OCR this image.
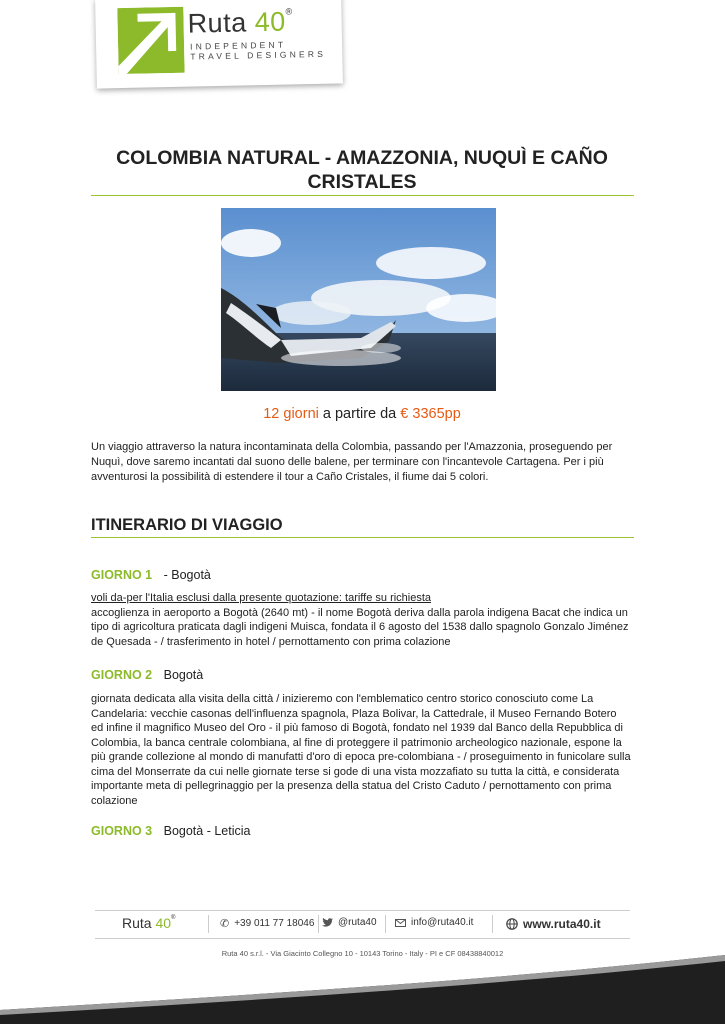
Ruta 40®
INDEPENDENT
TRAVEL DESIGNERS
COLOMBIA NATURAL - AMAZZONIA, NUQUÌ E CAÑO CRISTALES
12 giorni a partire da € 3365pp

Un viaggio attraverso la natura incontaminata della Colombia, passando per l'Amazzonia, proseguendo per Nuquì, dove saremo incantati dal suono delle balene, per terminare con l'incantevole Cartagena. Per i più avventurosi la possibilità di estendere il tour a Caño Cristales, il fiume dai 5 colori.

ITINERARIO DI VIAGGIO

GIORNO 1 - Bogotà

voli da-per l'Italia esclusi dalla presente quotazione: tariffe su richiesta
accoglienza in aeroporto a Bogotà (2640 mt) - il nome Bogotà deriva dalla parola indigena Bacat che indica un tipo di agricoltura praticata dagli indigeni Muisca, fondata il 6 agosto del 1538 dallo spagnolo Gonzalo Jiménez de Quesada - / trasferimento in hotel / pernottamento con prima colazione

GIORNO 2 Bogotà

giornata dedicata alla visita della città / inizieremo con l'emblematico centro storico conosciuto come La Candelaria: vecchie casonas dell'influenza spagnola, Plaza Bolivar, la Cattedrale, il Museo Fernando Botero ed infine il magnifico Museo del Oro - il più famoso di Bogotà, fondato nel 1939 dal Banco della Repubblica di Colombia, la banca centrale colombiana, al fine di proteggere il patrimonio archeologico nazionale, espone la più grande collezione al mondo di manufatti d'oro di epoca pre-colombiana - / proseguimento in funicolare sulla cima del Monserrate da cui nelle giornate terse si gode di una vista mozzafiato su tutta la città, e considerata importante meta di pellegrinaggio per la presenza della statua del Cristo Caduto / pernottamento con prima colazione

GIORNO 3 Bogotà - Leticia

Ruta 40®	✆ +39 011 77 18046 @ruta40	info@ruta40.it	www.ruta40.it
Ruta 40 s.r.l. - Via Giacinto Collegno 10 - 10143 Torino - Italy - PI e CF 08438840012
